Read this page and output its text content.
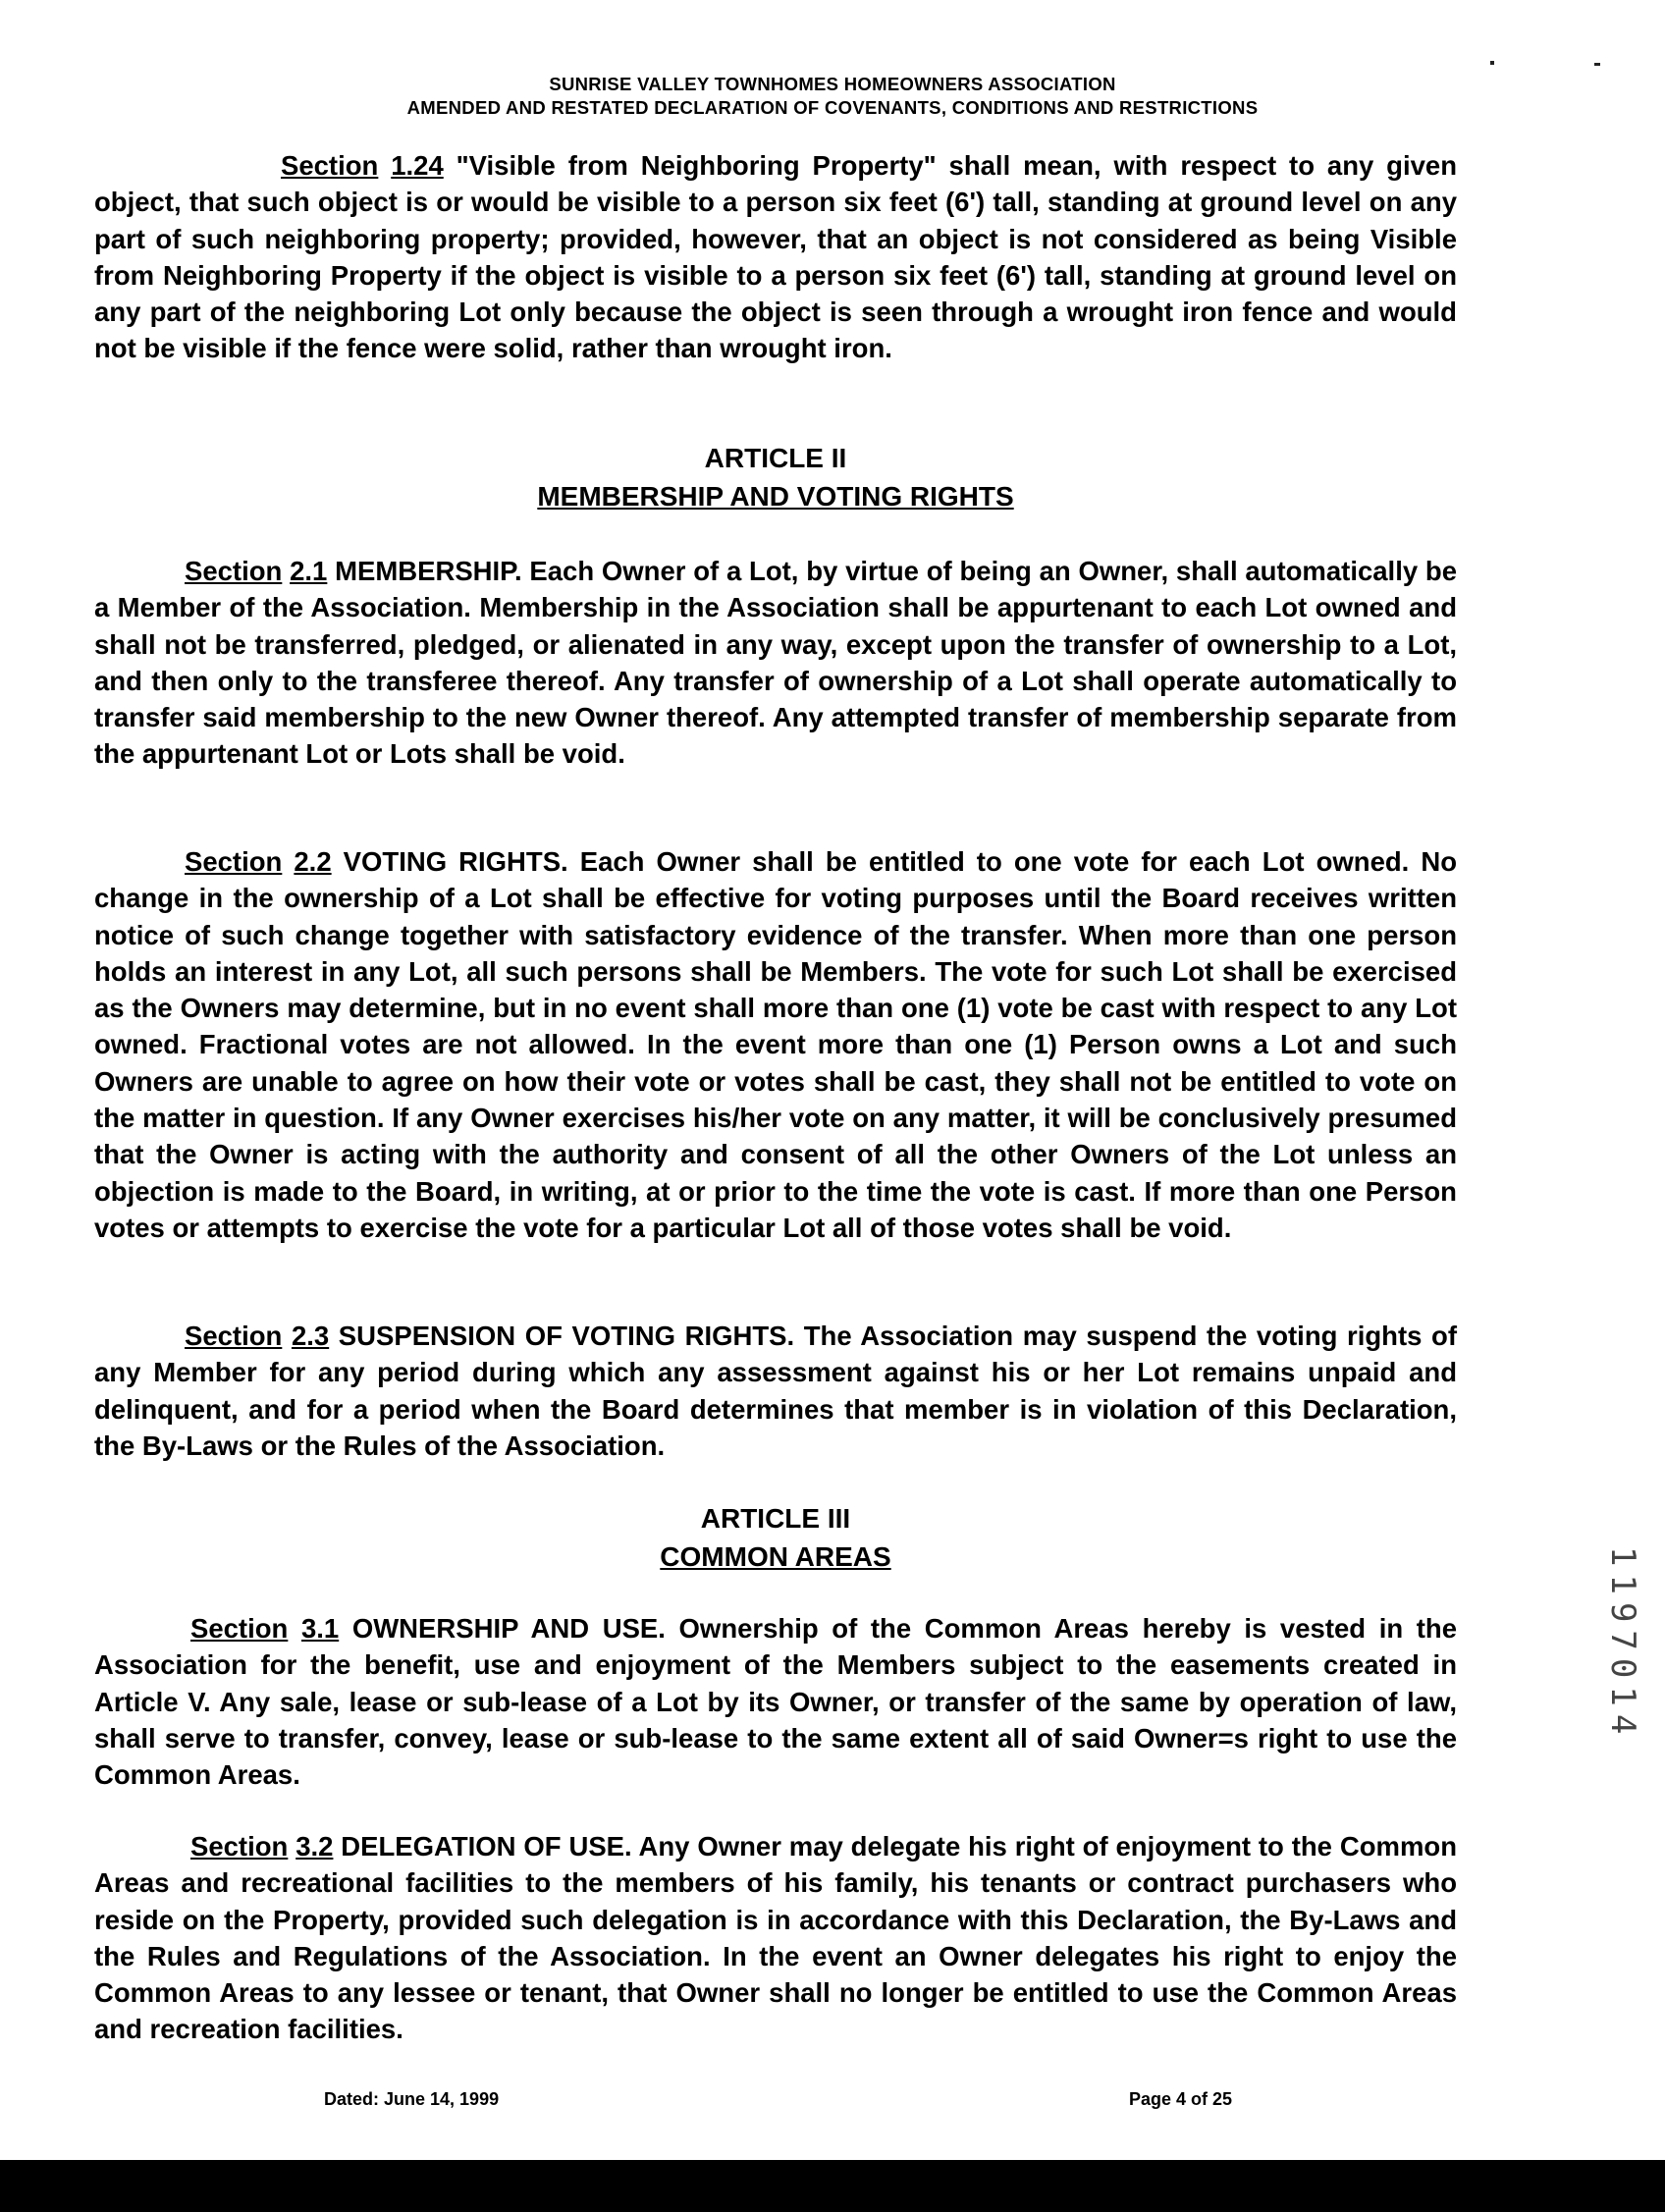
SUNRISE VALLEY TOWNHOMES HOMEOWNERS ASSOCIATION
AMENDED AND RESTATED DECLARATION OF COVENANTS, CONDITIONS AND RESTRICTIONS

Section 1.24 "Visible from Neighboring Property" shall mean, with respect to any given object, that such object is or would be visible to a person six feet (6') tall, standing at ground level on any part of such neighboring property; provided, however, that an object is not considered as being Visible from Neighboring Property if the object is visible to a person six feet (6') tall, standing at ground level on any part of the neighboring Lot only because the object is seen through a wrought iron fence and would not be visible if the fence were solid, rather than wrought iron.

ARTICLE II
MEMBERSHIP AND VOTING RIGHTS

Section 2.1 MEMBERSHIP. Each Owner of a Lot, by virtue of being an Owner, shall automatically be a Member of the Association. Membership in the Association shall be appurtenant to each Lot owned and shall not be transferred, pledged, or alienated in any way, except upon the transfer of ownership to a Lot, and then only to the transferee thereof. Any transfer of ownership of a Lot shall operate automatically to transfer said membership to the new Owner thereof. Any attempted transfer of membership separate from the appurtenant Lot or Lots shall be void.

Section 2.2 VOTING RIGHTS. Each Owner shall be entitled to one vote for each Lot owned. No change in the ownership of a Lot shall be effective for voting purposes until the Board receives written notice of such change together with satisfactory evidence of the transfer. When more than one person holds an interest in any Lot, all such persons shall be Members. The vote for such Lot shall be exercised as the Owners may determine, but in no event shall more than one (1) vote be cast with respect to any Lot owned. Fractional votes are not allowed. In the event more than one (1) Person owns a Lot and such Owners are unable to agree on how their vote or votes shall be cast, they shall not be entitled to vote on the matter in question. If any Owner exercises his/her vote on any matter, it will be conclusively presumed that the Owner is acting with the authority and consent of all the other Owners of the Lot unless an objection is made to the Board, in writing, at or prior to the time the vote is cast. If more than one Person votes or attempts to exercise the vote for a particular Lot all of those votes shall be void.

Section 2.3 SUSPENSION OF VOTING RIGHTS. The Association may suspend the voting rights of any Member for any period during which any assessment against his or her Lot remains unpaid and delinquent, and for a period when the Board determines that member is in violation of this Declaration, the By-Laws or the Rules of the Association.

ARTICLE III
COMMON AREAS

Section 3.1 OWNERSHIP AND USE. Ownership of the Common Areas hereby is vested in the Association for the benefit, use and enjoyment of the Members subject to the easements created in Article V. Any sale, lease or sub-lease of a Lot by its Owner, or transfer of the same by operation of law, shall serve to transfer, convey, lease or sub-lease to the same extent all of said Owner=s right to use the Common Areas.

Section 3.2 DELEGATION OF USE. Any Owner may delegate his right of enjoyment to the Common Areas and recreational facilities to the members of his family, his tenants or contract purchasers who reside on the Property, provided such delegation is in accordance with this Declaration, the By-Laws and the Rules and Regulations of the Association. In the event an Owner delegates his right to enjoy the Common Areas to any lessee or tenant, that Owner shall no longer be entitled to use the Common Areas and recreation facilities.

Dated: June 14, 1999	Page 4 of 25
1197014
